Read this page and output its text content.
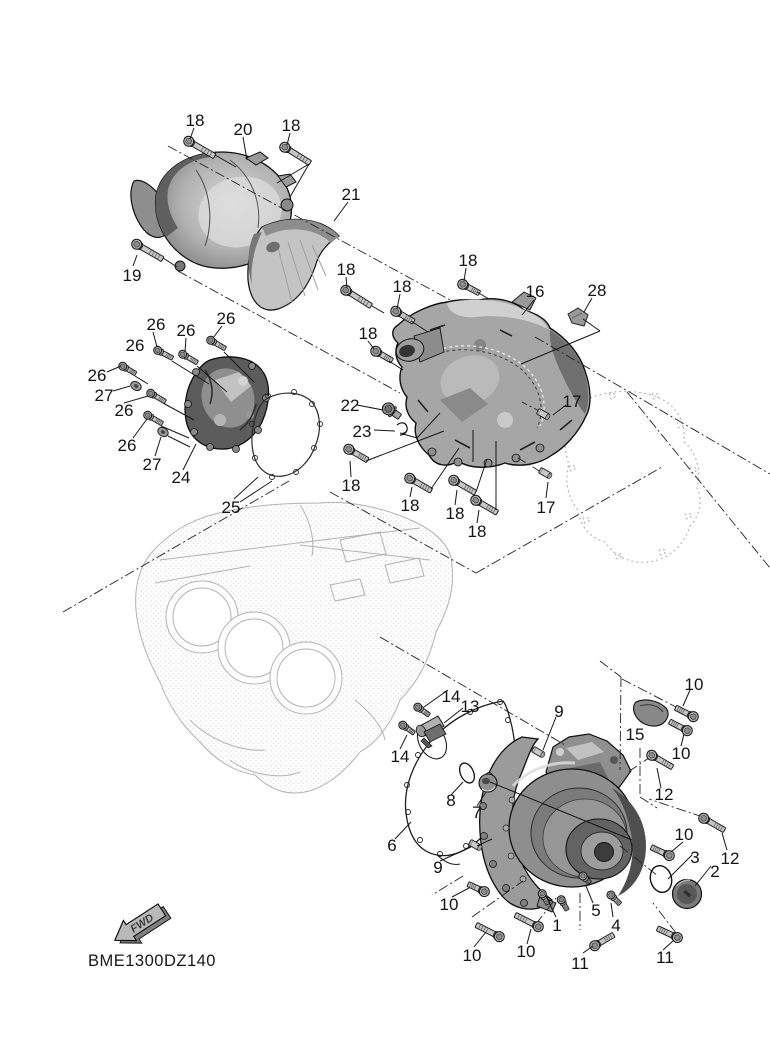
18 20 18
21
19	18
18
18
16	28
18
22
23
17
26 26
26
26
26
27
26
26
27
24
25
18
18 18
18
17
14
13	9
15
10
10
12
14
8
7
6
9
10
3
2
12
10
10 10
1
5
4
11	11
FWD
BME1300DZ140
